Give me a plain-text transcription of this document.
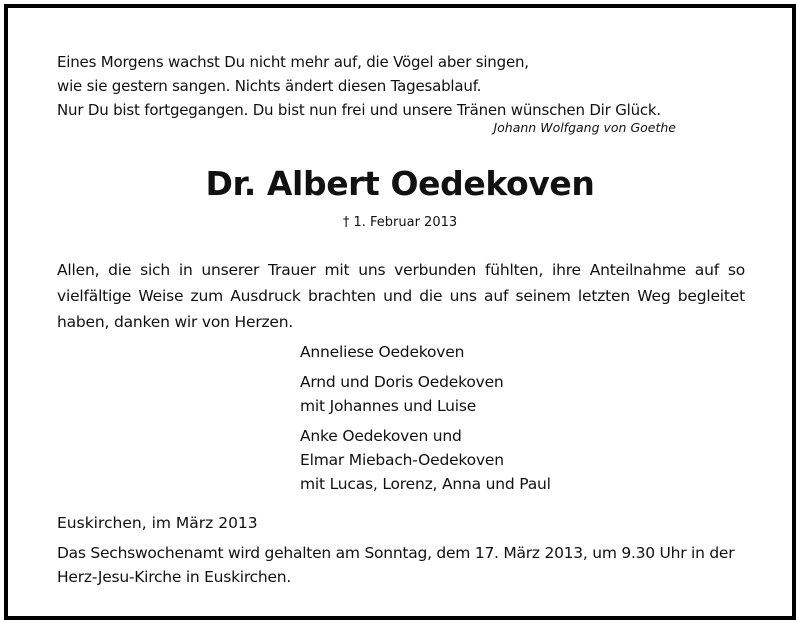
Eines Morgens wachst Du nicht mehr auf, die Vögel aber singen,
wie sie gestern sangen. Nichts ändert diesen Tagesablauf.
Nur Du bist fortgegangen. Du bist nun frei und unsere Tränen wünschen Dir Glück.
Johann Wolfgang von Goethe
Dr. Albert Oedekoven
† 1. Februar 2013
Allen, die sich in unserer Trauer mit uns verbunden fühlten, ihre Anteilnahme auf so vielfältige Weise zum Ausdruck brachten und die uns auf seinem letzten Weg begleitet haben, danken wir von Herzen.
Anneliese Oedekoven
Arnd und Doris Oedekoven
mit Johannes und Luise
Anke Oedekoven und
Elmar Miebach-Oedekoven
mit Lucas, Lorenz, Anna und Paul
Euskirchen, im März 2013
Das Sechswochenamt wird gehalten am Sonntag, dem 17. März 2013, um 9.30 Uhr in der
Herz-Jesu-Kirche in Euskirchen.
